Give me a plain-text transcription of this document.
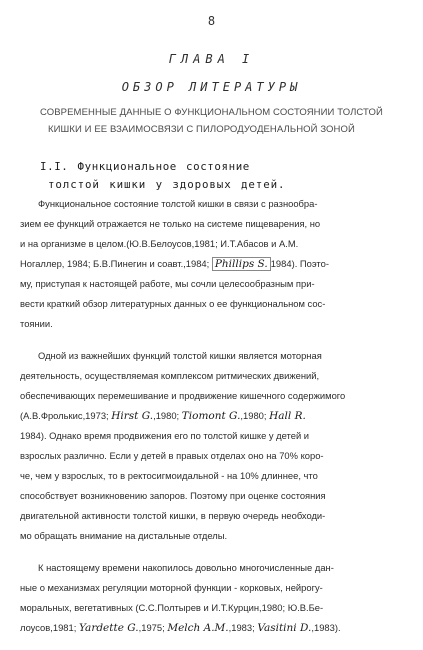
8
ГЛАВА I
ОБЗОР ЛИТЕРАТУРЫ
СОВРЕМЕННЫЕ ДАННЫЕ О ФУНКЦИОНАЛЬНОМ СОСТОЯНИИ ТОЛСТОЙ
КИШКИ И ЕЕ ВЗАИМОСВЯЗИ С ПИЛОРОДУОДЕНАЛЬНОЙ ЗОНОЙ
I.I. Функциональное состояние
толстой кишки у здоровых детей.
Функциональное состояние толстой кишки в связи с разнообра-
зием ее функций отражается не только на системе пищеварения, но
и на организме в целом.(Ю.В.Белоусов,1981; И.Т.Абасов и А.М.
Ногаллер, 1984; Б.В.Пинегин и соавт.,1984; Phillips S. 1984). Поэто-
му, приступая к настоящей работе, мы сочли целесообразным при-
вести краткий обзор литературных данных о ее функциональном сос-
тоянии.
Одной из важнейших функций толстой кишки является моторная
деятельность, осуществляемая комплексом ритмических движений,
обеспечивающих перемешивание и продвижение кишечного содержимого
(А.В.Фролькис,1973; Hirst G.,1980; Tiomont G.,1980; Hall R.
1984). Однако время продвижения его по толстой кишке у детей и
взрослых различно. Если у детей в правых отделах оно на 70% коро-
че, чем у взрослых, то в ректосигмоидальной - на 10% длиннее, что
способствует возникновению запоров. Поэтому при оценке состояния
двигательной активности толстой кишки, в первую очередь необходи-
мо обращать внимание на дистальные отделы.
К настоящему времени накопилось довольно многочисленные дан-
ные о механизмах регуляции моторной функции - корковых, нейрогу-
моральных, вегетативных (С.С.Полтырев и И.Т.Курцин,1980; Ю.В.Бе-
лоусов,1981; Yardette G.,1975; Melch A.M.,1983; Vasitini D.,1983).
